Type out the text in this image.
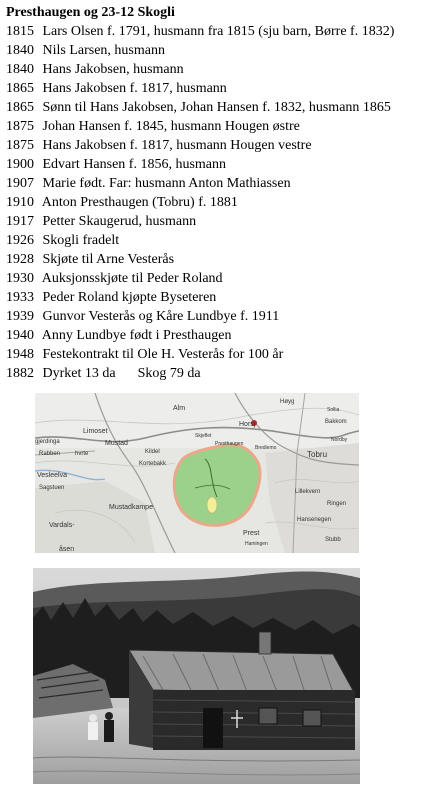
Presthaugen og 23-12 Skogli
1815 Lars Olsen f. 1791, husmann fra 1815 (sju barn, Børre f. 1832)
1840 Nils Larsen, husmann
1840 Hans Jakobsen, husmann
1865 Hans Jakobsen f. 1817, husmann
1865 Sønn til Hans Jakobsen, Johan Hansen f. 1832, husmann 1865
1875 Johan Hansen f. 1845, husmann Hougen østre
1875 Hans Jakobsen f. 1817, husmann Hougen vestre
1900 Edvart Hansen f. 1856, husmann
1907 Marie født. Far: husmann Anton Mathiassen
1910 Anton Presthaugen (Tobru) f. 1881
1917 Petter Skaugerud, husmann
1926 Skogli fradelt
1928 Skjøte til Arne Vesterås
1930 Auksjonsskjøte til Peder Roland
1933 Peder Roland kjøpte Byseteren
1939 Gunvor Vesterås og Kåre Lundbye f. 1911
1940 Anny Lundbye født i Presthaugen
1948 Festekontrakt til Ole H. Vesterås for 100 år
1882 Dyrket 13 da Skog 79 da
Limoset
Alm
Høyg
Horsj	Bakkom
gjerdinga
Rabben hvrte	Kildel
Mustad
Tobru
Vesleelva
Sagstuen
Mustadkampe
Vardals-
åsen
Presthaugen
Skjeflet
Ringen
Lillekvern
Hansenegen
Kortebakk
Bredlemo
Prest
Hamingen
Stubb
Sollia
Nordby
